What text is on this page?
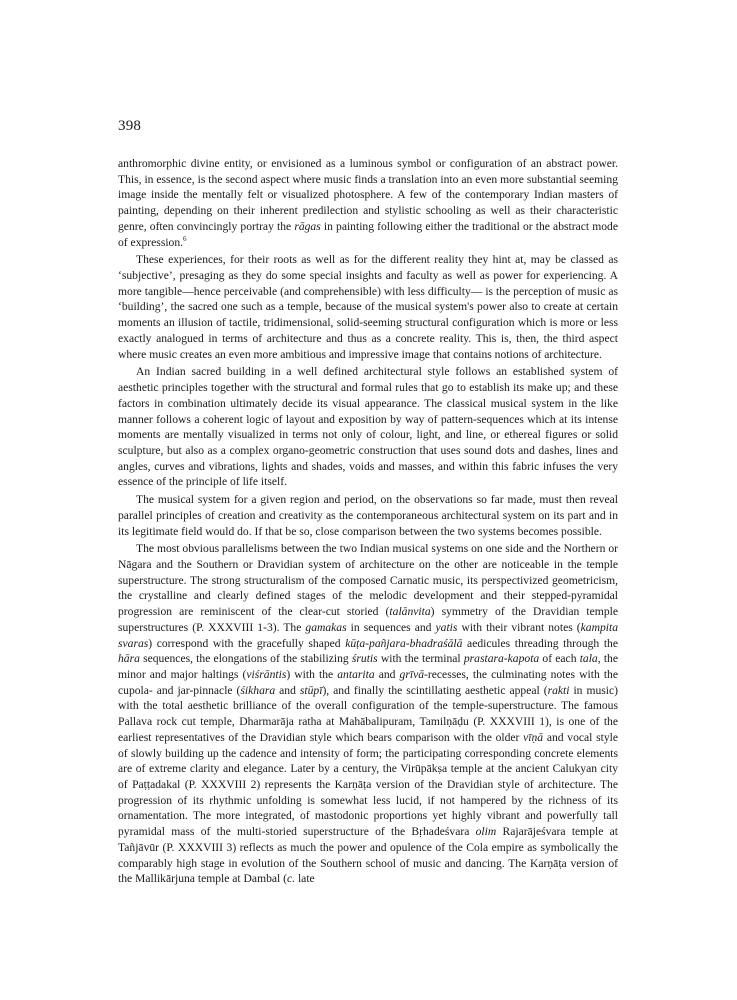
398

anthromorphic divine entity, or envisioned as a luminous symbol or configuration of an abstract power. This, in essence, is the second aspect where music finds a translation into an even more substantial seeming image inside the mentally felt or visualized photosphere. A few of the contemporary Indian masters of painting, depending on their inherent predilection and stylistic schooling as well as their characteristic genre, often convincingly portray the rāgas in painting following either the traditional or the abstract mode of expression.$^6$

These experiences, for their roots as well as for the different reality they hint at, may be classed as ‘subjective’, presaging as they do some special insights and faculty as well as power for experiencing. A more tangible—hence perceivable (and comprehensible) with less difficulty— is the perception of music as ‘building’, the sacred one such as a temple, because of the musical system's power also to create at certain moments an illusion of tactile, tridimensional, solid-seeming structural configuration which is more or less exactly analogued in terms of architecture and thus as a concrete reality. This is, then, the third aspect where music creates an even more ambitious and impressive image that contains notions of architecture.

An Indian sacred building in a well defined architectural style follows an established system of aesthetic principles together with the structural and formal rules that go to establish its make up; and these factors in combination ultimately decide its visual appearance. The classical musical system in the like manner follows a coherent logic of layout and exposition by way of pattern-sequences which at its intense moments are mentally visualized in terms not only of colour, light, and line, or ethereal figures or solid sculpture, but also as a complex organo-geometric construction that uses sound dots and dashes, lines and angles, curves and vibrations, lights and shades, voids and masses, and within this fabric infuses the very essence of the principle of life itself.

The musical system for a given region and period, on the observations so far made, must then reveal parallel principles of creation and creativity as the contemporaneous architectural system on its part and in its legitimate field would do. If that be so, close comparison between the two systems becomes possible.

The most obvious parallelisms between the two Indian musical systems on one side and the Northern or Nāgara and the Southern or Dravidian system of architecture on the other are noticeable in the temple superstructure. The strong structuralism of the composed Carnatic music, its perspectivized geometricism, the crystalline and clearly defined stages of the melodic development and their stepped-pyramidal progression are reminiscent of the clear-cut storied (talānvita) symmetry of the Dravidian temple superstructures (P. XXXVIII 1-3). The gamakas in sequences and yatis with their vibrant notes (kampita svaras) correspond with the gracefully shaped kūṭa-pañjara-bhadraśālā aedicules threading through the hāra sequences, the elongations of the stabilizing śrutis with the terminal prastara-kapota of each tala, the minor and major haltings (viśrāntis) with the antarita and grīvā-recesses, the culminating notes with the cupola- and jar-pinnacle (śikhara and stūpī), and finally the scintillating aesthetic appeal (rakti in music) with the total aesthetic brilliance of the overall configuration of the temple-superstructure. The famous Pallava rock cut temple, Dharmarāja ratha at Mahābalipuram, Tamilṇāḍu (P. XXXVIII 1), is one of the earliest representatives of the Dravidian style which bears comparison with the older vīṇā and vocal style of slowly building up the cadence and intensity of form; the participating corresponding concrete elements are of extreme clarity and elegance. Later by a century, the Virūpākṣa temple at the ancient Calukyan city of Paṭṭadakal (P. XXXVIII 2) represents the Karṇāṭa version of the Dravidian style of architecture. The progression of its rhythmic unfolding is somewhat less lucid, if not hampered by the richness of its ornamentation. The more integrated, of mastodonic proportions yet highly vibrant and powerfully tall pyramidal mass of the multi-storied superstructure of the Bṛhadeśvara olim Rajarājeśvara temple at Tañjāvūr (P. XXXVIII 3) reflects as much the power and opulence of the Cola empire as symbolically the comparably high stage in evolution of the Southern school of music and dancing. The Karṇāṭa version of the Mallikārjuna temple at Dambal (c. late
